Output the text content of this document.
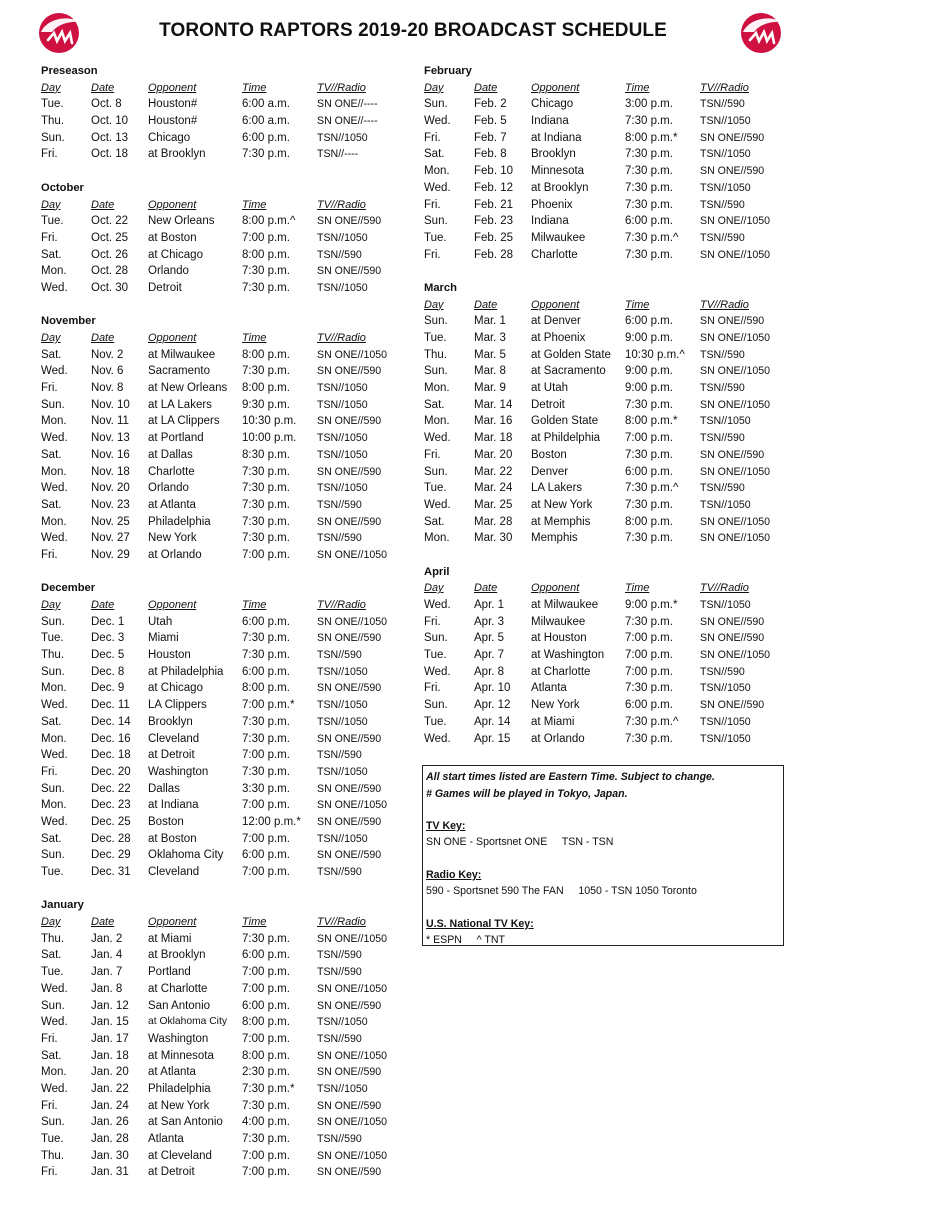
TORONTO RAPTORS 2019-20 BROADCAST SCHEDULE
Preseason
Day	Date	Opponent	Time	TV//Radio
Tue.	Oct. 8	Houston#	6:00 a.m.	SN ONE//----
Thu.	Oct. 10	Houston#	6:00 a.m.	SN ONE//----
Sun.	Oct. 13	Chicago	6:00 p.m.	TSN//1050
Fri.	Oct. 18	at Brooklyn	7:30 p.m.	TSN//----
October
Day	Date	Opponent	Time	TV//Radio
Tue.	Oct. 22	New Orleans	8:00 p.m.^	SN ONE//590
Fri.	Oct. 25	at Boston	7:00 p.m.	TSN//1050
Sat.	Oct. 26	at Chicago	8:00 p.m.	TSN//590
Mon.	Oct. 28	Orlando	7:30 p.m.	SN ONE//590
Wed.	Oct. 30	Detroit	7:30 p.m.	TSN//1050
November
Day	Date	Opponent	Time	TV//Radio
Sat.	Nov. 2	at Milwaukee	8:00 p.m.	SN ONE//1050
Wed.	Nov. 6	Sacramento	7:30 p.m.	SN ONE//590
Fri.	Nov. 8	at New Orleans	8:00 p.m.	TSN//1050
Sun.	Nov. 10	at LA Lakers	9:30 p.m.	TSN//1050
Mon.	Nov. 11	at LA Clippers	10:30 p.m.	SN ONE//590
Wed.	Nov. 13	at Portland	10:00 p.m.	TSN//1050
Sat.	Nov. 16	at Dallas	8:30 p.m.	TSN//1050
Mon.	Nov. 18	Charlotte	7:30 p.m.	SN ONE//590
Wed.	Nov. 20	Orlando	7:30 p.m.	TSN//1050
Sat.	Nov. 23	at Atlanta	7:30 p.m.	TSN//590
Mon.	Nov. 25	Philadelphia	7:30 p.m.	SN ONE//590
Wed.	Nov. 27	New York	7:30 p.m.	TSN//590
Fri.	Nov. 29	at Orlando	7:00 p.m.	SN ONE//1050
December
Day	Date	Opponent	Time	TV//Radio
Sun.	Dec. 1	Utah	6:00 p.m.	SN ONE//1050
Tue.	Dec. 3	Miami	7:30 p.m.	SN ONE//590
Thu.	Dec. 5	Houston	7:30 p.m.	TSN//590
Sun.	Dec. 8	at Philadelphia	6:00 p.m.	TSN//1050
Mon.	Dec. 9	at Chicago	8:00 p.m.	SN ONE//590
Wed.	Dec. 11	LA Clippers	7:00 p.m.*	TSN//1050
Sat.	Dec. 14	Brooklyn	7:30 p.m.	TSN//1050
Mon.	Dec. 16	Cleveland	7:30 p.m.	SN ONE//590
Wed.	Dec. 18	at Detroit	7:00 p.m.	TSN//590
Fri.	Dec. 20	Washington	7:30 p.m.	TSN//1050
Sun.	Dec. 22	Dallas	3:30 p.m.	SN ONE//590
Mon.	Dec. 23	at Indiana	7:00 p.m.	SN ONE//1050
Wed.	Dec. 25	Boston	12:00 p.m.*	SN ONE//590
Sat.	Dec. 28	at Boston	7:00 p.m.	TSN//1050
Sun.	Dec. 29	Oklahoma City	6:00 p.m.	SN ONE//590
Tue.	Dec. 31	Cleveland	7:00 p.m.	TSN//590
January
Day	Date	Opponent	Time	TV//Radio
Thu.	Jan. 2	at Miami	7:30 p.m.	SN ONE//1050
Sat.	Jan. 4	at Brooklyn	6:00 p.m.	TSN//590
Tue.	Jan. 7	Portland	7:00 p.m.	TSN//590
Wed.	Jan. 8	at Charlotte	7:00 p.m.	SN ONE//1050
Sun.	Jan. 12	San Antonio	6:00 p.m.	SN ONE//590
Wed.	Jan. 15	at Oklahoma City	8:00 p.m.	TSN//1050
Fri.	Jan. 17	Washington	7:00 p.m.	TSN//590
Sat.	Jan. 18	at Minnesota	8:00 p.m.	SN ONE//1050
Mon.	Jan. 20	at Atlanta	2:30 p.m.	SN ONE//590
Wed.	Jan. 22	Philadelphia	7:30 p.m.*	TSN//1050
Fri.	Jan. 24	at New York	7:30 p.m.	SN ONE//590
Sun.	Jan. 26	at San Antonio	4:00 p.m.	SN ONE//1050
Tue.	Jan. 28	Atlanta	7:30 p.m.	TSN//590
Thu.	Jan. 30	at Cleveland	7:00 p.m.	SN ONE//1050
Fri.	Jan. 31	at Detroit	7:00 p.m.	SN ONE//590
February
Day	Date	Opponent	Time	TV//Radio
Sun.	Feb. 2	Chicago	3:00 p.m.	TSN//590
Wed.	Feb. 5	Indiana	7:30 p.m.	TSN//1050
Fri.	Feb. 7	at Indiana	8:00 p.m.*	SN ONE//590
Sat.	Feb. 8	Brooklyn	7:30 p.m.	TSN//1050
Mon.	Feb. 10	Minnesota	7:30 p.m.	SN ONE//590
Wed.	Feb. 12	at Brooklyn	7:30 p.m.	TSN//1050
Fri.	Feb. 21	Phoenix	7:30 p.m.	TSN//590
Sun.	Feb. 23	Indiana	6:00 p.m.	SN ONE//1050
Tue.	Feb. 25	Milwaukee	7:30 p.m.^	TSN//590
Fri.	Feb. 28	Charlotte	7:30 p.m.	SN ONE//1050
March
Day	Date	Opponent	Time	TV//Radio
Sun.	Mar. 1	at Denver	6:00 p.m.	SN ONE//590
Tue.	Mar. 3	at Phoenix	9:00 p.m.	SN ONE//1050
Thu.	Mar. 5	at Golden State	10:30 p.m.^	TSN//590
Sun.	Mar. 8	at Sacramento	9:00 p.m.	SN ONE//1050
Mon.	Mar. 9	at Utah	9:00 p.m.	TSN//590
Sat.	Mar. 14	Detroit	7:30 p.m.	SN ONE//1050
Mon.	Mar. 16	Golden State	8:00 p.m.*	TSN//1050
Wed.	Mar. 18	at Phildelphia	7:00 p.m.	TSN//590
Fri.	Mar. 20	Boston	7:30 p.m.	SN ONE//590
Sun.	Mar. 22	Denver	6:00 p.m.	SN ONE//1050
Tue.	Mar. 24	LA Lakers	7:30 p.m.^	TSN//590
Wed.	Mar. 25	at New York	7:30 p.m.	TSN//1050
Sat.	Mar. 28	at Memphis	8:00 p.m.	SN ONE//1050
Mon.	Mar. 30	Memphis	7:30 p.m.	SN ONE//1050
April
Day	Date	Opponent	Time	TV//Radio
Wed.	Apr. 1	at Milwaukee	9:00 p.m.*	TSN//1050
Fri.	Apr. 3	Milwaukee	7:30 p.m.	SN ONE//590
Sun.	Apr. 5	at Houston	7:00 p.m.	SN ONE//590
Tue.	Apr. 7	at Washington	7:00 p.m.	SN ONE//1050
Wed.	Apr. 8	at Charlotte	7:00 p.m.	TSN//590
Fri.	Apr. 10	Atlanta	7:30 p.m.	TSN//1050
Sun.	Apr. 12	New York	6:00 p.m.	SN ONE//590
Tue.	Apr. 14	at Miami	7:30 p.m.^	TSN//1050
Wed.	Apr. 15	at Orlando	7:30 p.m.	TSN//1050
All start times listed are Eastern Time. Subject to change.
# Games will be played in Tokyo, Japan.
TV Key:
SN ONE - Sportsnet ONE     TSN - TSN
Radio Key:
590 - Sportsnet 590 The FAN     1050 - TSN 1050 Toronto
U.S. National TV Key:
* ESPN     ^ TNT
